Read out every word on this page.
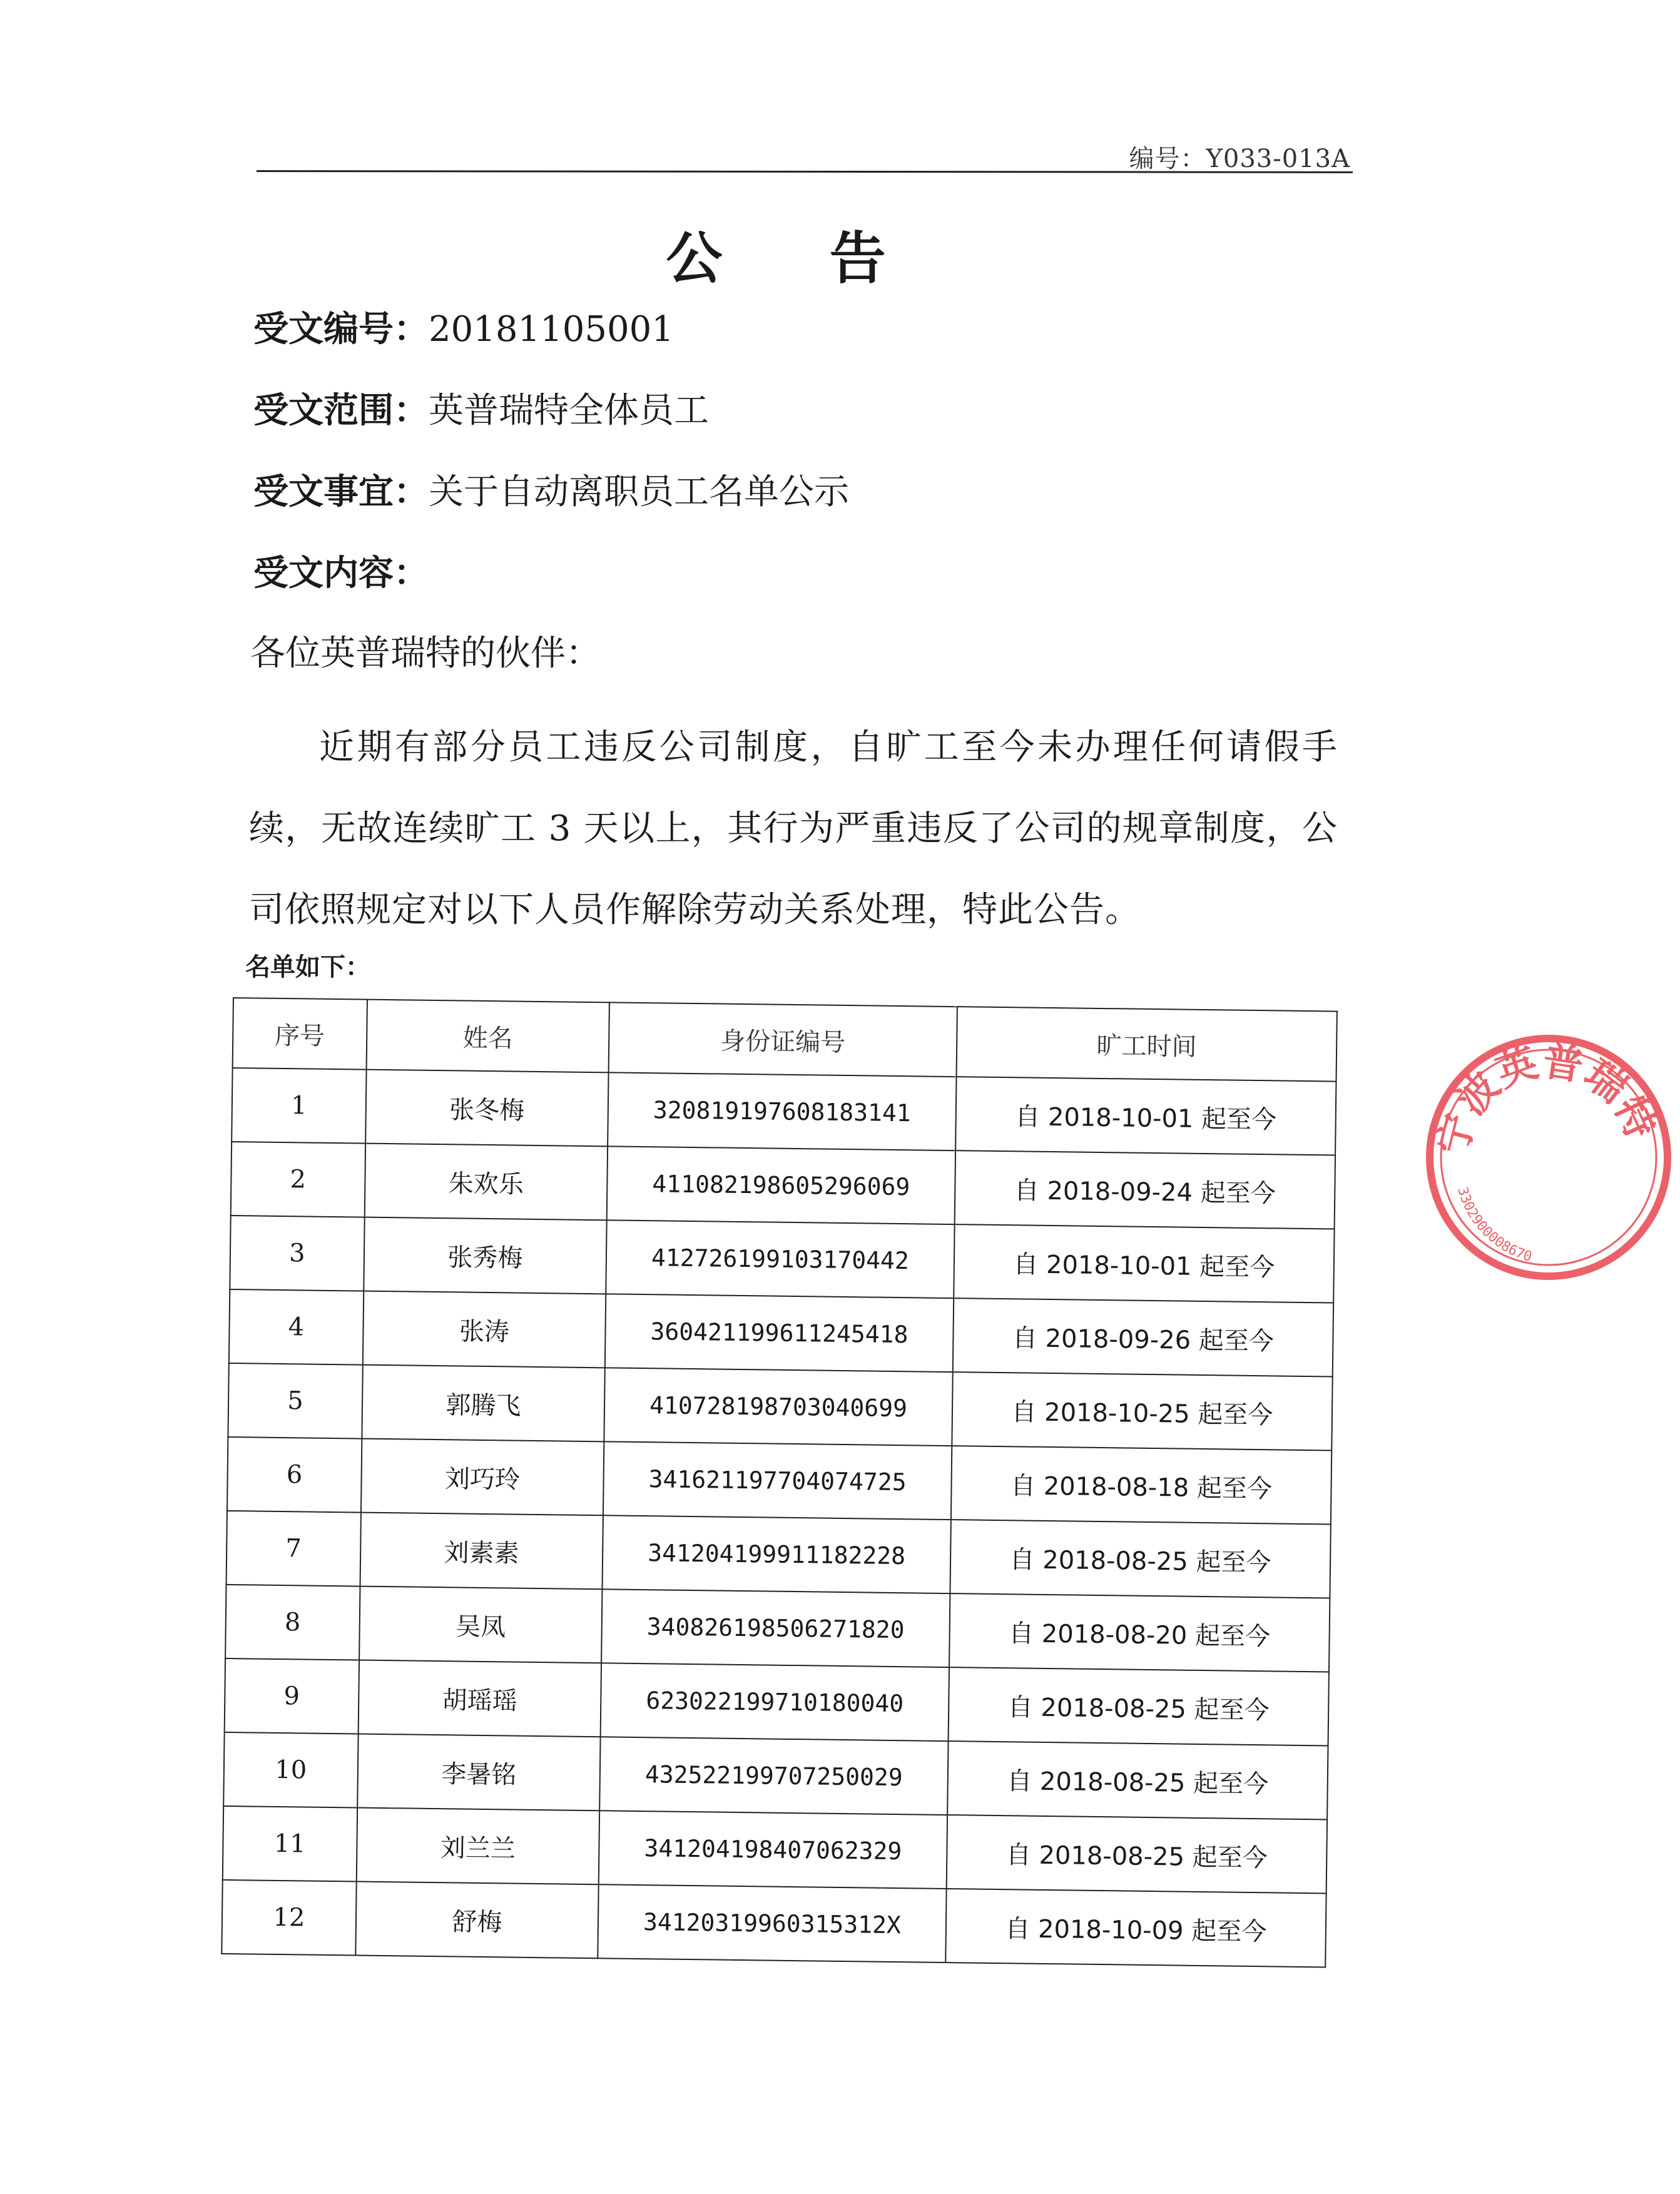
编号：Y033-013A
公 告
受文编号：20181105001
受文范围：英普瑞特全体员工
受文事宜：关于自动离职员工名单公示
受文内容：
各位英普瑞特的伙伴：
近期有部分员工违反公司制度，自旷工至今未办理任何请假手续，无故连续旷工 3 天以上，其行为严重违反了公司的规章制度，公司依照规定对以下人员作解除劳动关系处理，特此公告。
名单如下：
序号	姓名	身份证编号	旷工时间
1	张冬梅	320819197608183141	自 2018-10-01 起至今
2	朱欢乐	411082198605296069	自 2018-09-24 起至今
3	张秀梅	412726199103170442	自 2018-10-01 起至今
4	张涛	360421199611245418	自 2018-09-26 起至今
5	郭腾飞	410728198703040699	自 2018-10-25 起至今
6	刘巧玲	341621197704074725	自 2018-08-18 起至今
7	刘素素	341204199911182228	自 2018-08-25 起至今
8	吴凤	340826198506271820	自 2018-08-20 起至今
9	胡瑶瑶	623022199710180040	自 2018-08-25 起至今
10	李暑铭	432522199707250029	自 2018-08-25 起至今
11	刘兰兰	341204198407062329	自 2018-08-25 起至今
12	舒梅	34120319960315312X	自 2018-10-09 起至今
宁波英普瑞特
3302900008670
